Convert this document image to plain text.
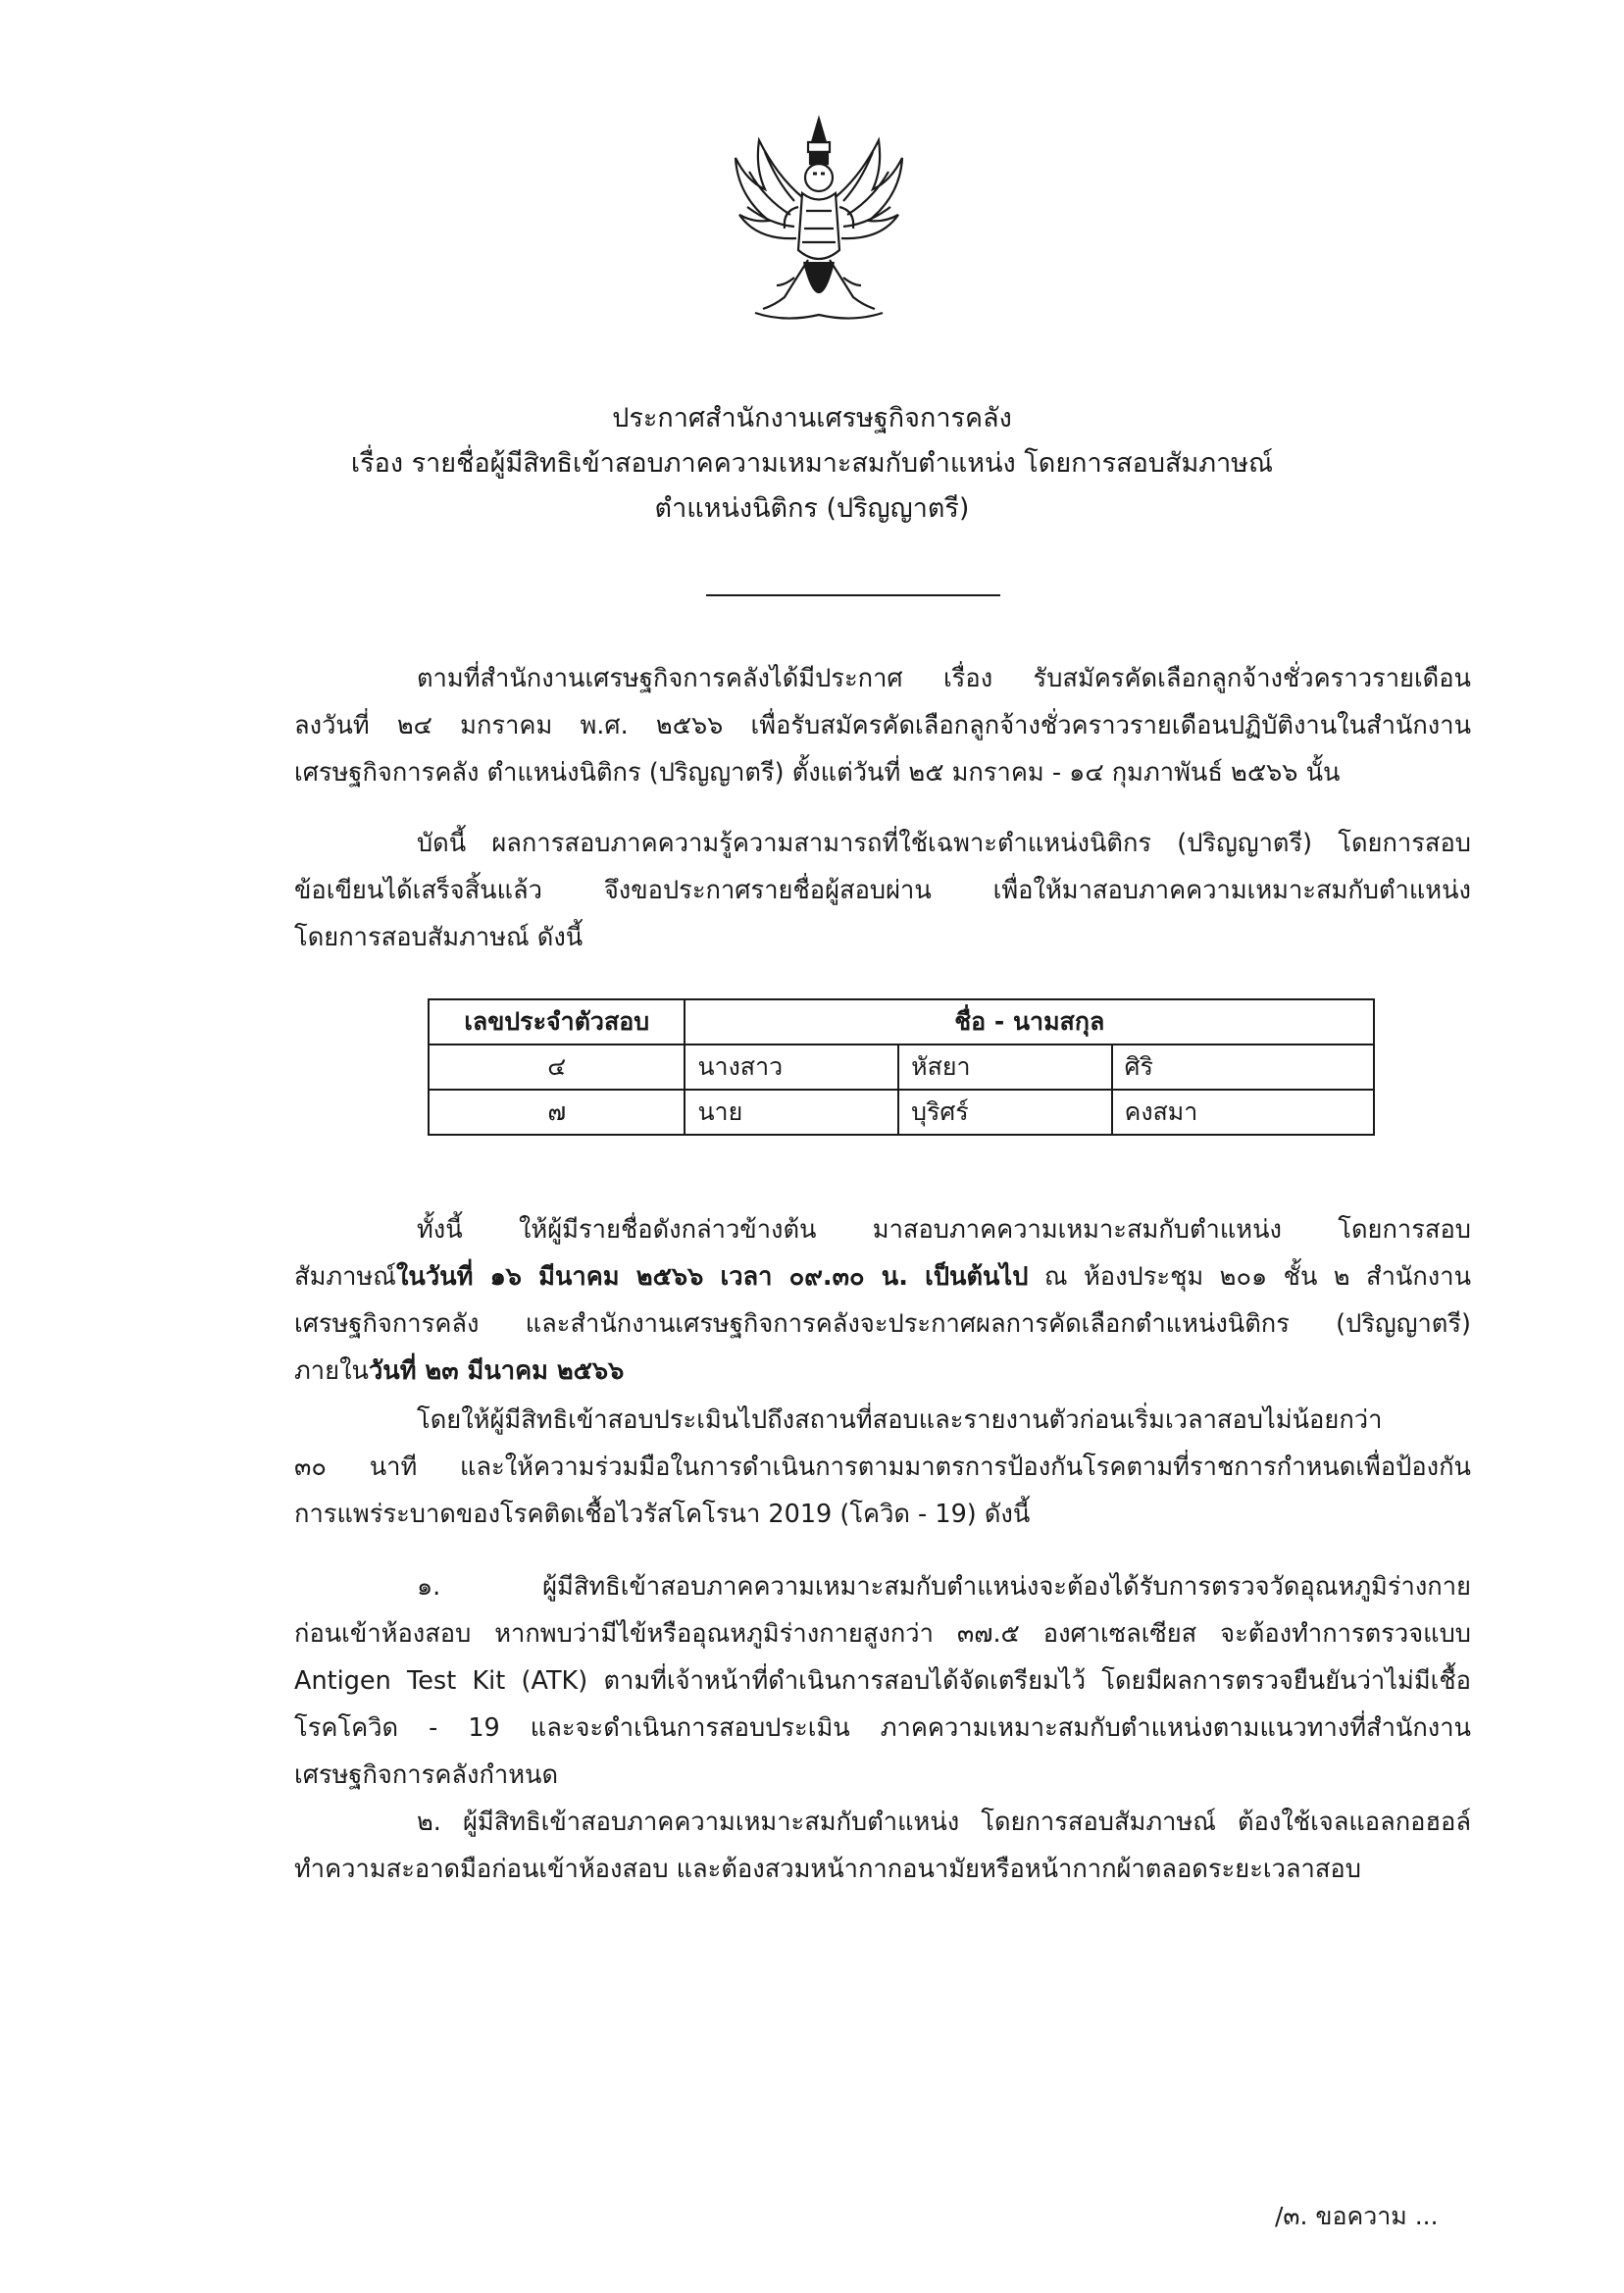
ประกาศสำนักงานเศรษฐกิจการคลัง
เรื่อง รายชื่อผู้มีสิทธิเข้าสอบภาคความเหมาะสมกับตำแหน่ง โดยการสอบสัมภาษณ์
ตำแหน่งนิติกร (ปริญญาตรี)
ตามที่สำนักงานเศรษฐกิจการคลังได้มีประกาศ เรื่อง รับสมัครคัดเลือกลูกจ้างชั่วคราวรายเดือน
ลงวันที่ ๒๔ มกราคม พ.ศ. ๒๕๖๖ เพื่อรับสมัครคัดเลือกลูกจ้างชั่วคราวรายเดือนปฏิบัติงานในสำนักงาน
เศรษฐกิจการคลัง ตำแหน่งนิติกร (ปริญญาตรี) ตั้งแต่วันที่ ๒๕ มกราคม - ๑๔ กุมภาพันธ์ ๒๕๖๖ นั้น
บัดนี้ ผลการสอบภาคความรู้ความสามารถที่ใช้เฉพาะตำแหน่งนิติกร (ปริญญาตรี) โดยการสอบ
ข้อเขียนได้เสร็จสิ้นแล้ว จึงขอประกาศรายชื่อผู้สอบผ่าน เพื่อให้มาสอบภาคความเหมาะสมกับตำแหน่ง
โดยการสอบสัมภาษณ์ ดังนี้
เลขประจำตัวสอบ	ชื่อ - นามสกุล		
๔	นางสาว	หัสยา	ศิริ
๗	นาย	บุริศร์	คงสมา
ทั้งนี้ ให้ผู้มีรายชื่อดังกล่าวข้างต้น มาสอบภาคความเหมาะสมกับตำแหน่ง โดยการสอบ
สัมภาษณ์ในวันที่ ๑๖ มีนาคม ๒๕๖๖ เวลา ๐๙.๓๐ น. เป็นต้นไป ณ ห้องประชุม ๒๐๑ ชั้น ๒ สำนักงาน
เศรษฐกิจการคลัง และสำนักงานเศรษฐกิจการคลังจะประกาศผลการคัดเลือกตำแหน่งนิติกร (ปริญญาตรี)
ภายในวันที่ ๒๓ มีนาคม ๒๕๖๖
โดยให้ผู้มีสิทธิเข้าสอบประเมินไปถึงสถานที่สอบและรายงานตัวก่อนเริ่มเวลาสอบไม่น้อยกว่า
๓๐ นาที และให้ความร่วมมือในการดำเนินการตามมาตรการป้องกันโรคตามที่ราชการกำหนดเพื่อป้องกัน
การแพร่ระบาดของโรคติดเชื้อไวรัสโคโรนา 2019 (โควิด - 19) ดังนี้
๑. ผู้มีสิทธิเข้าสอบภาคความเหมาะสมกับตำแหน่งจะต้องได้รับการตรวจวัดอุณหภูมิร่างกาย
ก่อนเข้าห้องสอบ หากพบว่ามีไข้หรืออุณหภูมิร่างกายสูงกว่า ๓๗.๕ องศาเซลเซียส จะต้องทำการตรวจแบบ
Antigen Test Kit (ATK) ตามที่เจ้าหน้าที่ดำเนินการสอบได้จัดเตรียมไว้ โดยมีผลการตรวจยืนยันว่าไม่มีเชื้อ
โรคโควิด - 19 และจะดำเนินการสอบประเมิน ภาคความเหมาะสมกับตำแหน่งตามแนวทางที่สำนักงาน
เศรษฐกิจการคลังกำหนด
๒. ผู้มีสิทธิเข้าสอบภาคความเหมาะสมกับตำแหน่ง โดยการสอบสัมภาษณ์ ต้องใช้เจลแอลกอฮอล์
ทำความสะอาดมือก่อนเข้าห้องสอบ และต้องสวมหน้ากากอนามัยหรือหน้ากากผ้าตลอดระยะเวลาสอบ
/๓. ขอความ ...
